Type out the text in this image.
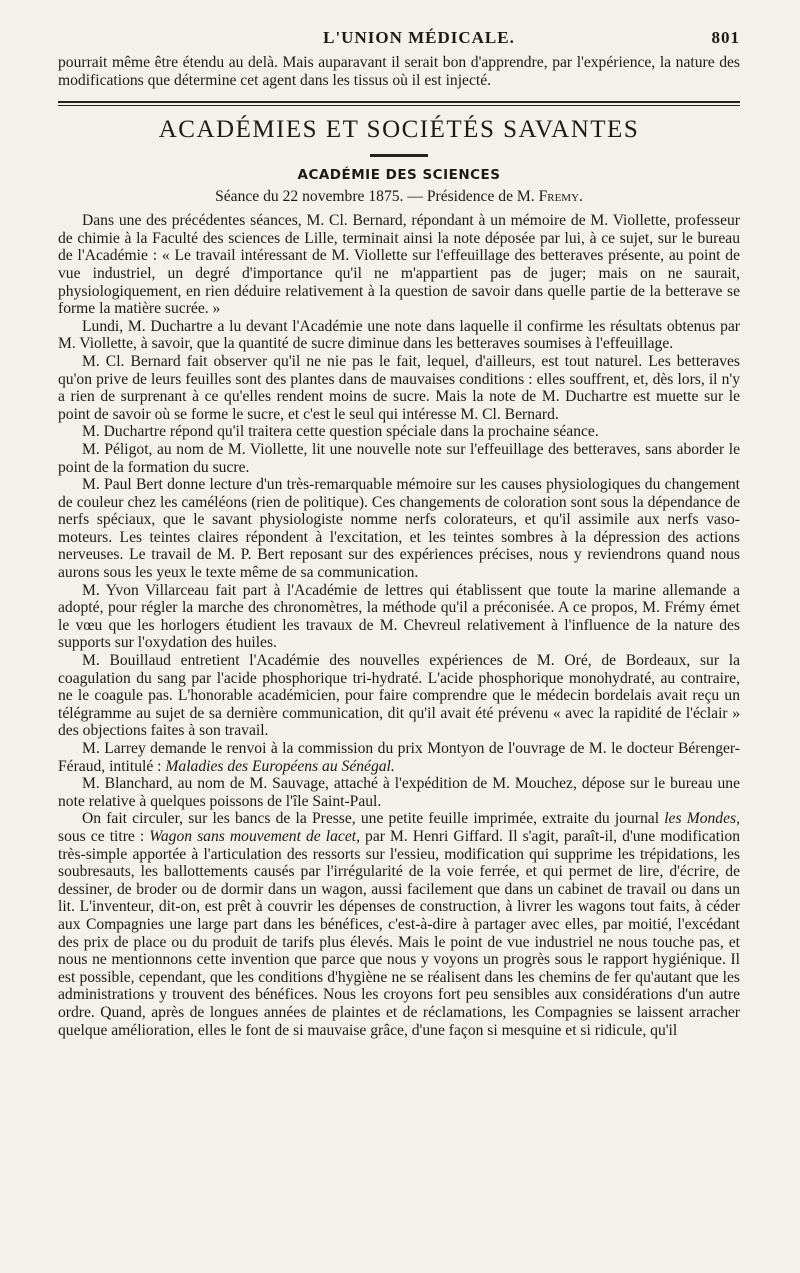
L'UNION MÉDICALE.	801

pourrait même être étendu au delà. Mais auparavant il serait bon d'apprendre, par l'expérience, la nature des modifications que détermine cet agent dans les tissus où il est injecté.

ACADÉMIES ET SOCIÉTÉS SAVANTES
ACADÉMIE DES SCIENCES
Séance du 22 novembre 1875. — Présidence de M. Fremy.

Dans une des précédentes séances, M. Cl. Bernard, répondant à un mémoire de M. Viollette, professeur de chimie à la Faculté des sciences de Lille, terminait ainsi la note déposée par lui, à ce sujet, sur le bureau de l'Académie : « Le travail intéressant de M. Viollette sur l'effeuillage des betteraves présente, au point de vue industriel, un degré d'importance qu'il ne m'appartient pas de juger; mais on ne saurait, physiologiquement, en rien déduire relativement à la question de savoir dans quelle partie de la betterave se forme la matière sucrée. »

Lundi, M. Duchartre a lu devant l'Académie une note dans laquelle il confirme les résultats obtenus par M. Viollette, à savoir, que la quantité de sucre diminue dans les betteraves soumises à l'effeuillage.

M. Cl. Bernard fait observer qu'il ne nie pas le fait, lequel, d'ailleurs, est tout naturel. Les betteraves qu'on prive de leurs feuilles sont des plantes dans de mauvaises conditions : elles souffrent, et, dès lors, il n'y a rien de surprenant à ce qu'elles rendent moins de sucre. Mais la note de M. Duchartre est muette sur le point de savoir où se forme le sucre, et c'est le seul qui intéresse M. Cl. Bernard.

M. Duchartre répond qu'il traitera cette question spéciale dans la prochaine séance.

M. Péligot, au nom de M. Viollette, lit une nouvelle note sur l'effeuillage des betteraves, sans aborder le point de la formation du sucre.

M. Paul Bert donne lecture d'un très-remarquable mémoire sur les causes physiologiques du changement de couleur chez les caméléons (rien de politique). Ces changements de coloration sont sous la dépendance de nerfs spéciaux, que le savant physiologiste nomme nerfs colorateurs, et qu'il assimile aux nerfs vaso-moteurs. Les teintes claires répondent à l'excitation, et les teintes sombres à la dépression des actions nerveuses. Le travail de M. P. Bert reposant sur des expériences précises, nous y reviendrons quand nous aurons sous les yeux le texte même de sa communication.

M. Yvon Villarceau fait part à l'Académie de lettres qui établissent que toute la marine allemande a adopté, pour régler la marche des chronomètres, la méthode qu'il a préconisée. A ce propos, M. Frémy émet le vœu que les horlogers étudient les travaux de M. Chevreul relativement à l'influence de la nature des supports sur l'oxydation des huiles.

M. Bouillaud entretient l'Académie des nouvelles expériences de M. Oré, de Bordeaux, sur la coagulation du sang par l'acide phosphorique tri-hydraté. L'acide phosphorique monohydraté, au contraire, ne le coagule pas. L'honorable académicien, pour faire comprendre que le médecin bordelais avait reçu un télégramme au sujet de sa dernière communication, dit qu'il avait été prévenu « avec la rapidité de l'éclair » des objections faites à son travail.

M. Larrey demande le renvoi à la commission du prix Montyon de l'ouvrage de M. le docteur Bérenger-Féraud, intitulé : Maladies des Européens au Sénégal.

M. Blanchard, au nom de M. Sauvage, attaché à l'expédition de M. Mouchez, dépose sur le bureau une note relative à quelques poissons de l'île Saint-Paul.

On fait circuler, sur les bancs de la Presse, une petite feuille imprimée, extraite du journal les Mondes, sous ce titre : Wagon sans mouvement de lacet, par M. Henri Giffard. Il s'agit, paraît-il, d'une modification très-simple apportée à l'articulation des ressorts sur l'essieu, modification qui supprime les trépidations, les soubresauts, les ballottements causés par l'irrégularité de la voie ferrée, et qui permet de lire, d'écrire, de dessiner, de broder ou de dormir dans un wagon, aussi facilement que dans un cabinet de travail ou dans un lit. L'inventeur, dit-on, est prêt à couvrir les dépenses de construction, à livrer les wagons tout faits, à céder aux Compagnies une large part dans les bénéfices, c'est-à-dire à partager avec elles, par moitié, l'excédant des prix de place ou du produit de tarifs plus élevés. Mais le point de vue industriel ne nous touche pas, et nous ne mentionnons cette invention que parce que nous y voyons un progrès sous le rapport hygiénique. Il est possible, cependant, que les conditions d'hygiène ne se réalisent dans les chemins de fer qu'autant que les administrations y trouvent des bénéfices. Nous les croyons fort peu sensibles aux considérations d'un autre ordre. Quand, après de longues années de plaintes et de réclamations, les Compagnies se laissent arracher quelque amélioration, elles le font de si mauvaise grâce, d'une façon si mesquine et si ridicule, qu'il
